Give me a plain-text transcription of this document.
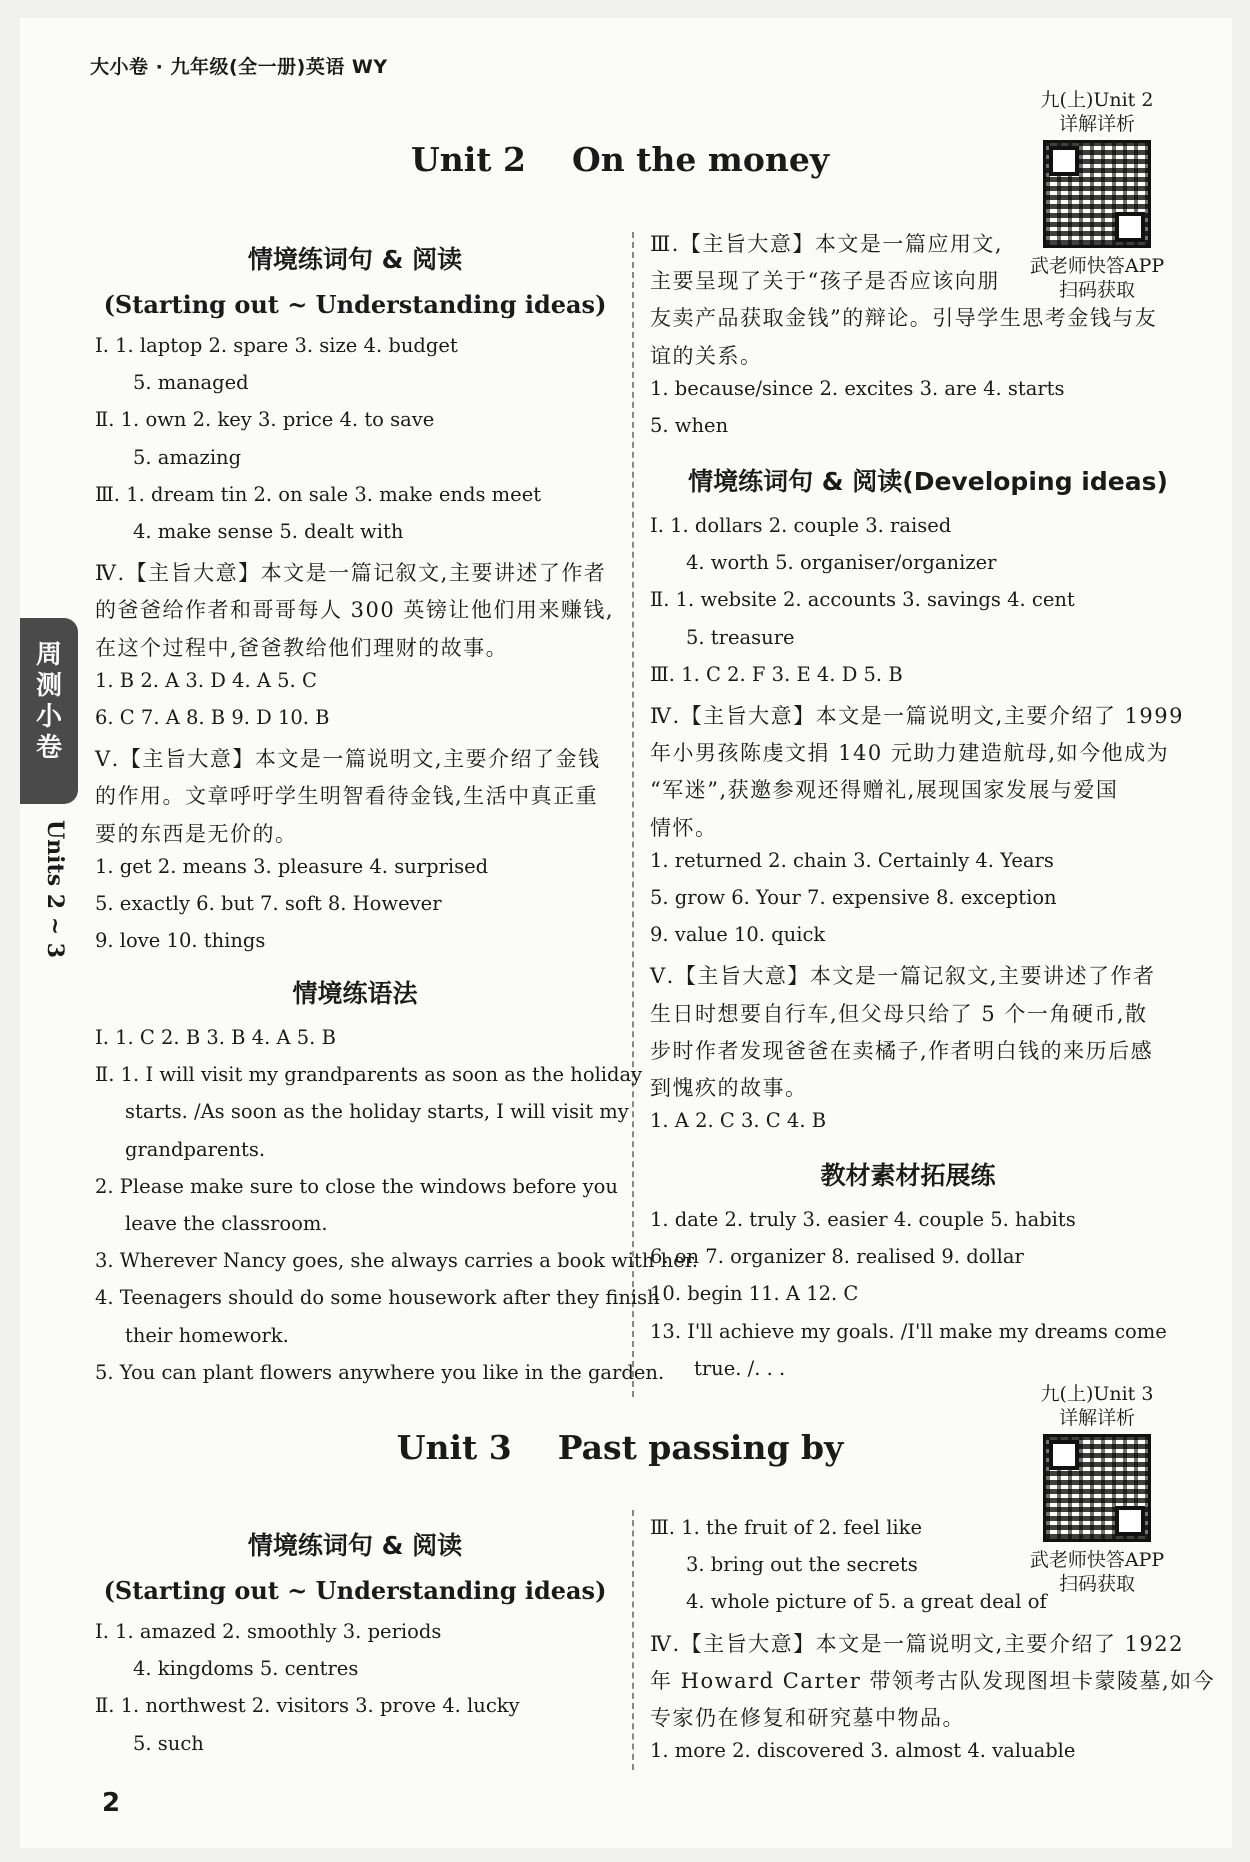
大小卷 · 九年级(全一册)英语 WY
周测小卷
Units 2 ~ 3
Unit 2    On the money
九(上)Unit 2
详解详析
武老师快答APP
扫码获取
情境练词句 & 阅读
(Starting out ~ Understanding ideas)
Ⅰ. 1. laptop 2. spare 3. size 4. budget
5. managed
Ⅱ. 1. own 2. key 3. price 4. to save
5. amazing
Ⅲ. 1. dream tin 2. on sale 3. make ends meet
4. make sense 5. dealt with
Ⅳ.【主旨大意】本文是一篇记叙文,主要讲述了作者
的爸爸给作者和哥哥每人 300 英镑让他们用来赚钱,
在这个过程中,爸爸教给他们理财的故事。
1. B 2. A 3. D 4. A 5. C
6. C 7. A 8. B 9. D 10. B
Ⅴ.【主旨大意】本文是一篇说明文,主要介绍了金钱
的作用。文章呼吁学生明智看待金钱,生活中真正重
要的东西是无价的。
1. get 2. means 3. pleasure 4. surprised
5. exactly 6. but 7. soft 8. However
9. love 10. things
情境练语法
Ⅰ. 1. C 2. B 3. B 4. A 5. B
Ⅱ. 1. I will visit my grandparents as soon as the holiday
starts. /As soon as the holiday starts, I will visit my
grandparents.
2. Please make sure to close the windows before you
leave the classroom.
3. Wherever Nancy goes, she always carries a book with her.
4. Teenagers should do some housework after they finish
their homework.
5. You can plant flowers anywhere you like in the garden.
Ⅲ.【主旨大意】本文是一篇应用文,
主要呈现了关于“孩子是否应该向朋
友卖产品获取金钱”的辩论。引导学生思考金钱与友
谊的关系。
1. because/since 2. excites 3. are 4. starts
5. when
情境练词句 & 阅读(Developing ideas)
Ⅰ. 1. dollars 2. couple 3. raised
4. worth 5. organiser/organizer
Ⅱ. 1. website 2. accounts 3. savings 4. cent
5. treasure
Ⅲ. 1. C 2. F 3. E 4. D 5. B
Ⅳ.【主旨大意】本文是一篇说明文,主要介绍了 1999
年小男孩陈虔文捐 140 元助力建造航母,如今他成为
“军迷”,获邀参观还得赠礼,展现国家发展与爱国
情怀。
1. returned 2. chain 3. Certainly 4. Years
5. grow 6. Your 7. expensive 8. exception
9. value 10. quick
Ⅴ.【主旨大意】本文是一篇记叙文,主要讲述了作者
生日时想要自行车,但父母只给了 5 个一角硬币,散
步时作者发现爸爸在卖橘子,作者明白钱的来历后感
到愧疚的故事。
1. A 2. C 3. C 4. B
教材素材拓展练
1. date 2. truly 3. easier 4. couple 5. habits
6. on 7. organizer 8. realised 9. dollar
10. begin 11. A 12. C
13. I'll achieve my goals. /I'll make my dreams come
true. /. . .
Unit 3    Past passing by
九(上)Unit 3
详解详析
武老师快答APP
扫码获取
情境练词句 & 阅读
(Starting out ~ Understanding ideas)
Ⅰ. 1. amazed 2. smoothly 3. periods
4. kingdoms 5. centres
Ⅱ. 1. northwest 2. visitors 3. prove 4. lucky
5. such
Ⅲ. 1. the fruit of 2. feel like
3. bring out the secrets
4. whole picture of 5. a great deal of
Ⅳ.【主旨大意】本文是一篇说明文,主要介绍了 1922
年 Howard Carter 带领考古队发现图坦卡蒙陵墓,如今
专家仍在修复和研究墓中物品。
1. more 2. discovered 3. almost 4. valuable
2
